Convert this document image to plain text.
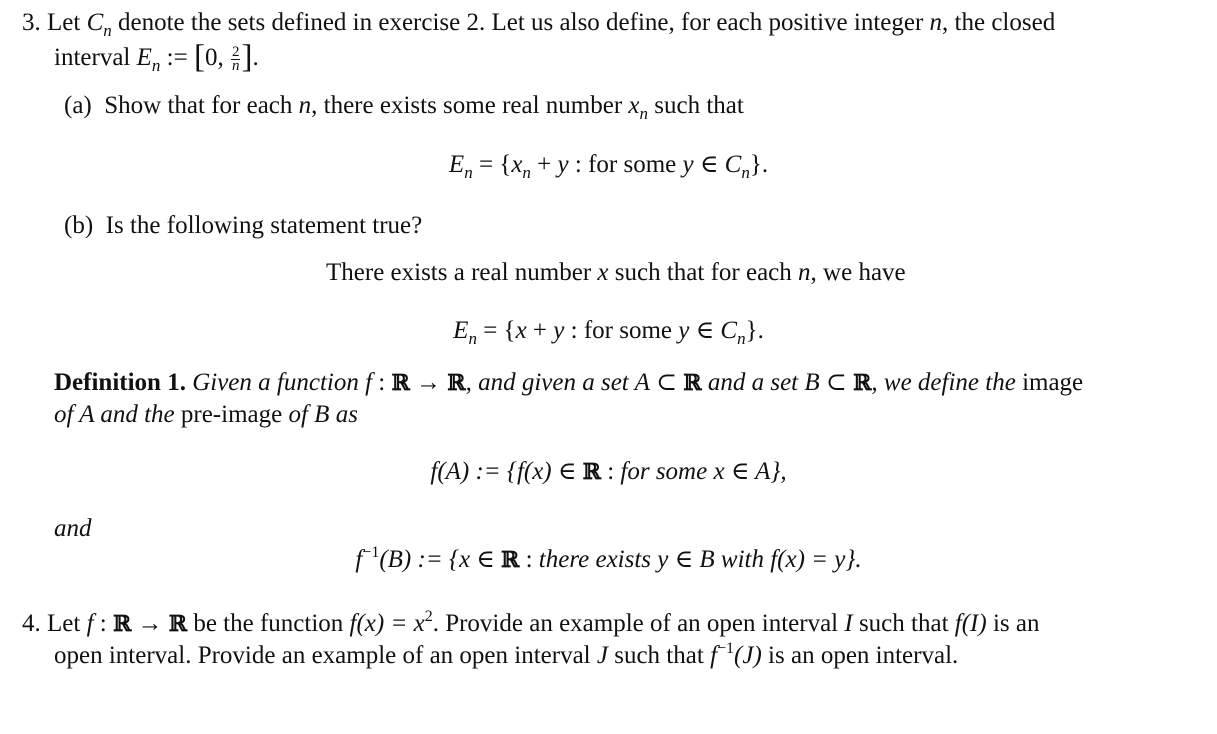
3. Let $C_n$ denote the sets defined in exercise 2. Let us also define, for each positive integer n, the closed
interval $E_n$ := [0, $\frac{2}{n}$ ].
(a) Show that for each n, there exists some real number $x_n$ such that
$E_n = \{x_n + y$ : for some y ∈ $C_n$}.
(b) Is the following statement true?
There exists a real number x such that for each n, we have
$E_n = \{x + y$ : for some y ∈ $C_n$}.
Definition 1. Given a function f : ℝ → ℝ, and given a set A ⊂ ℝ and a set B ⊂ ℝ, we define the image
of A and the pre-image of B as
f(A) := {f(x) ∈ ℝ : for some x ∈ A},
and
$f^{-1}(B)$ := {x ∈ ℝ : there exists y ∈ B with f(x) = y}.
4. Let f : ℝ → ℝ be the function $f(x) = x^2$. Provide an example of an open interval I such that f(I) is an
open interval. Provide an example of an open interval J such that $f^{-1}(J)$ is an open interval.
